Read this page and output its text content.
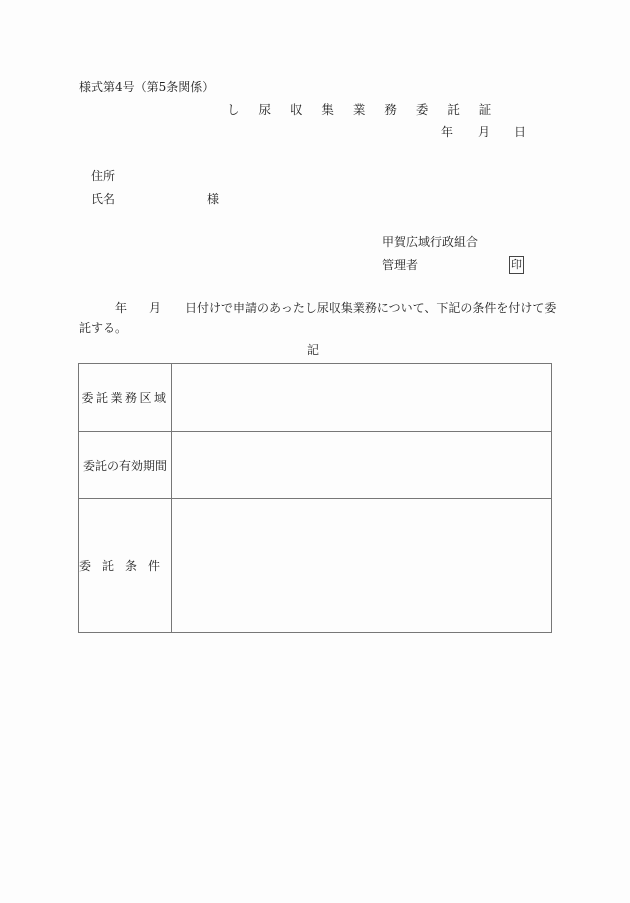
様式第4号（第5条関係）
し 尿 収 集 業 務 委 託 証
年	月	日
住所
氏名	様
甲賀広域行政組合
管理者	印
年 月 日付けで申請のあったし尿収集業務について、下記の条件を付けて委
託する。
記
委託業務区域	
委託の有効期間	
委託条件	
